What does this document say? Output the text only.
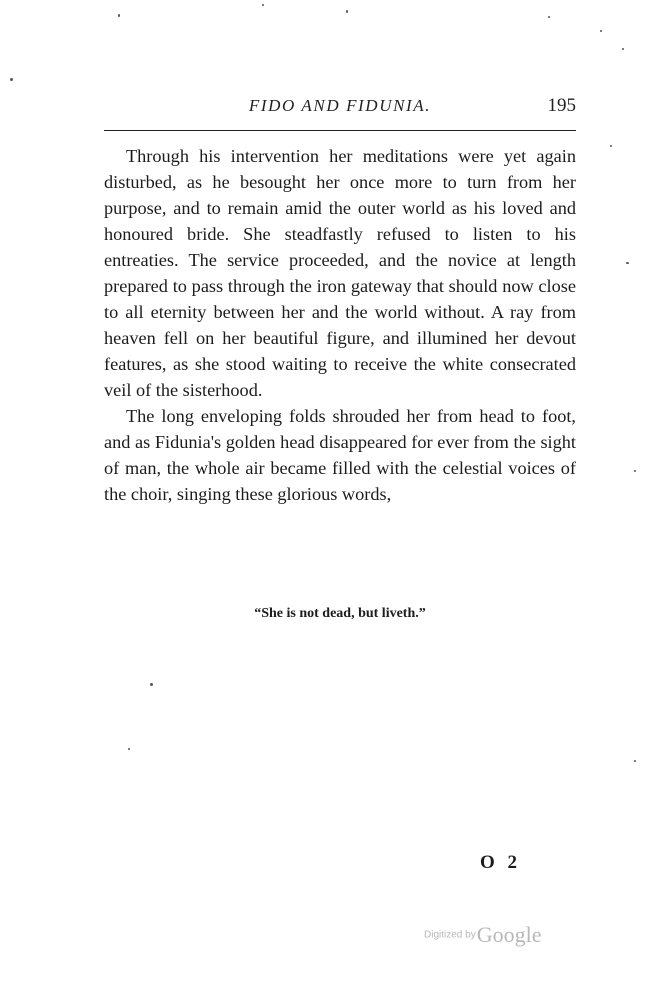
FIDO AND FIDUNIA.	195

Through his intervention her meditations were yet again disturbed, as he besought her once more to turn from her purpose, and to remain amid the outer world as his loved and honoured bride. She steadfastly refused to listen to his entreaties. The service proceeded, and the novice at length prepared to pass through the iron gateway that should now close to all eternity between her and the world without. A ray from heaven fell on her beautiful figure, and illumined her devout features, as she stood waiting to receive the white consecrated veil of the sisterhood.

The long enveloping folds shrouded her from head to foot, and as Fidunia's golden head disappeared for ever from the sight of man, the whole air became filled with the celestial voices of the choir, singing these glorious words,

“She is not dead, but liveth.”
O 2
Digitized byGoogle
